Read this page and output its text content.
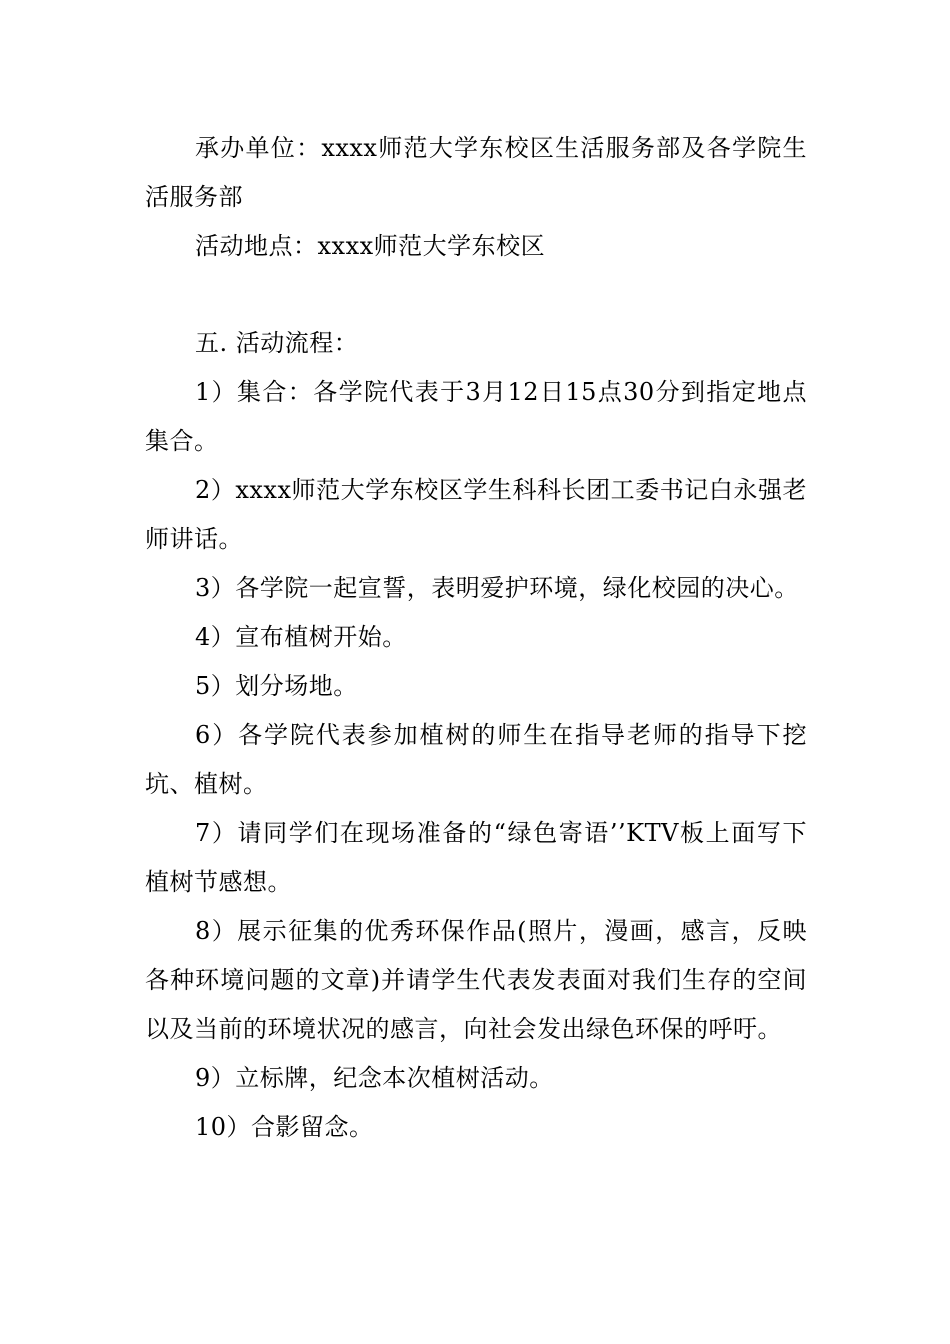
承办单位：xxxx师范大学东校区生活服务部及各学院生活服务部

活动地点：xxxx师范大学东校区

五. 活动流程：

1）集合：各学院代表于3月12日15点30分到指定地点集合。

2）xxxx师范大学东校区学生科科长团工委书记白永强老师讲话。

3）各学院一起宣誓，表明爱护环境，绿化校园的决心。

4）宣布植树开始。

5）划分场地。

6）各学院代表参加植树的师生在指导老师的指导下挖坑、植树。

7）请同学们在现场准备的“绿色寄语’’KTV板上面写下植树节感想。

8）展示征集的优秀环保作品(照片，漫画，感言，反映各种环境问题的文章)并请学生代表发表面对我们生存的空间以及当前的环境状况的感言，向社会发出绿色环保的呼吁。

9）立标牌，纪念本次植树活动。

10）合影留念。
